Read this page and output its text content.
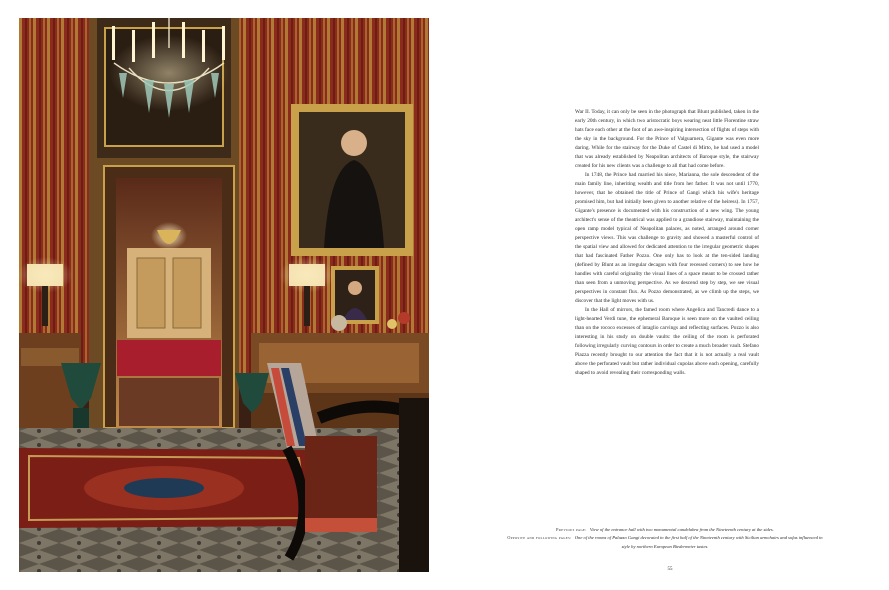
War II. Today, it can only be seen in the photograph that Blunt published, taken in the early 20th century, in which two aristocratic boys wearing neat little Florentine straw hats face each other at the foot of an awe-inspiring intersection of flights of steps with the sky in the background. For the Prince of Valguarnera, Gigante was even more daring. While for the stairway for the Duke of Castel di Mirto, he had used a model that was already established by Neapolitan architects of Baroque style, the stairway created for his new clients was a challenge to all that had come before.

In 1748, the Prince had married his niece, Marianna, the sole descendent of the main family line, inheriting wealth and title from her father. It was not until 1770, however, that he obtained the title of Prince of Gangi which his wife's heritage promised him, but had initially been given to another relative of the heiress). In 1757, Gigante's presence is documented with his construction of a new wing. The young architect's sense of the theatrical was applied to a grandiose stairway, maintaining the open ramp model typical of Neapolitan palaces, as noted, arranged around corner perspective views. This was challenge to gravity and showed a masterful control of the spatial view and allowed for dedicated attention to the irregular geometric shapes that had fascinated Father Pozzo. One only has to look at the ten-sided landing (defined by Blunt as an irregular decagon with four recessed corners) to see how he handles with careful originality the visual lines of a space meant to be crossed rather than seen from a unmoving perspective. As we descend step by step, we see visual perspectives in constant flux. As Pozzo demonstrated, as we climb up the steps, we discover that the light moves with us.

In the Hall of mirrors, the famed room where Angelica and Tancredi dance to a light-hearted Verdi tune, the ephemeral Baroque is seen more on the vaulted ceiling than on the rococo excesses of intaglio carvings and reflecting surfaces. Pozzo is also interesting in his study on double vaults: the ceiling of the room is perforated following irregularly curving contours in order to create a much broader vault. Stefano Piazza recently brought to our attention the fact that it is not actually a real vault above the perforated vault but rather individual cupolas above each opening, carefully shaped to avoid revealing their corresponding walls.

Previous page: View of the entrance hall with two monumental candelabra from the Nineteenth century at the sides.

Opposite and following pages: One of the rooms of Palazzo Gangi decorated in the first half of the Nineteenth century with Sicilian armchairs and sofas influenced in style by northern European Biedermeier tastes.

55
